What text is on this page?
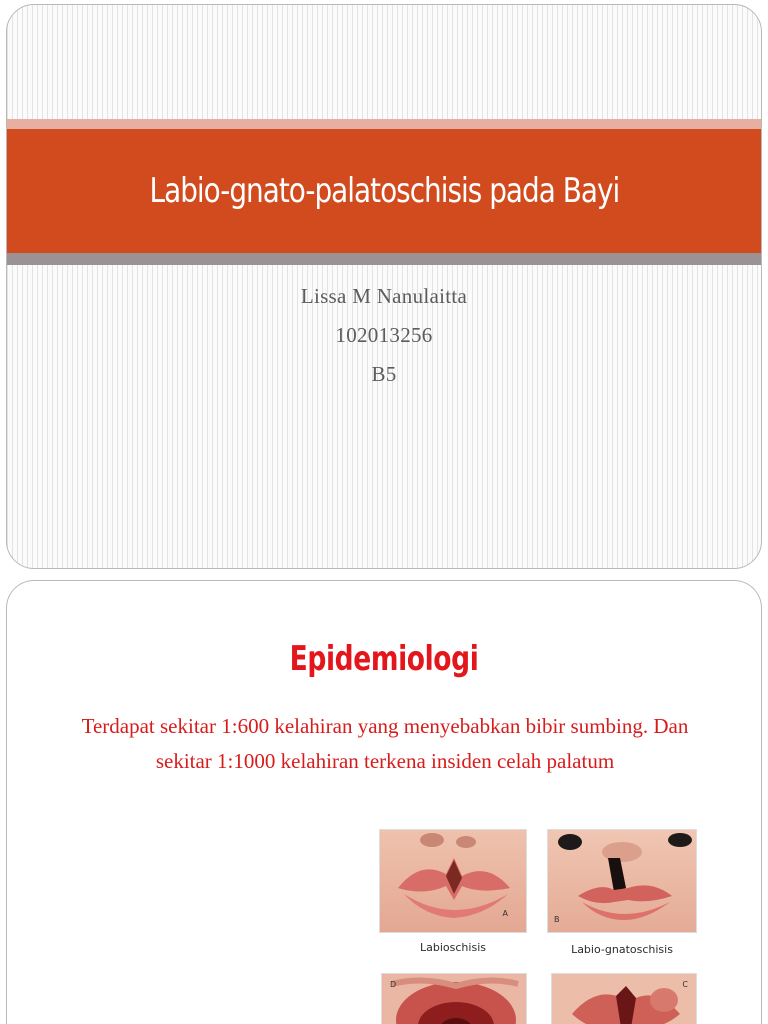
Labio-gnato-palatoschisis pada Bayi
Lissa M Nanulaitta
102013256
B5
Epidemiologi

Terdapat sekitar 1:600 kelahiran yang menyebabkan bibir sumbing. Dan sekitar 1:1000 kelahiran terkena insiden celah palatum

A
Labioschisis
B
Labio-gnatoschisis
D	C
